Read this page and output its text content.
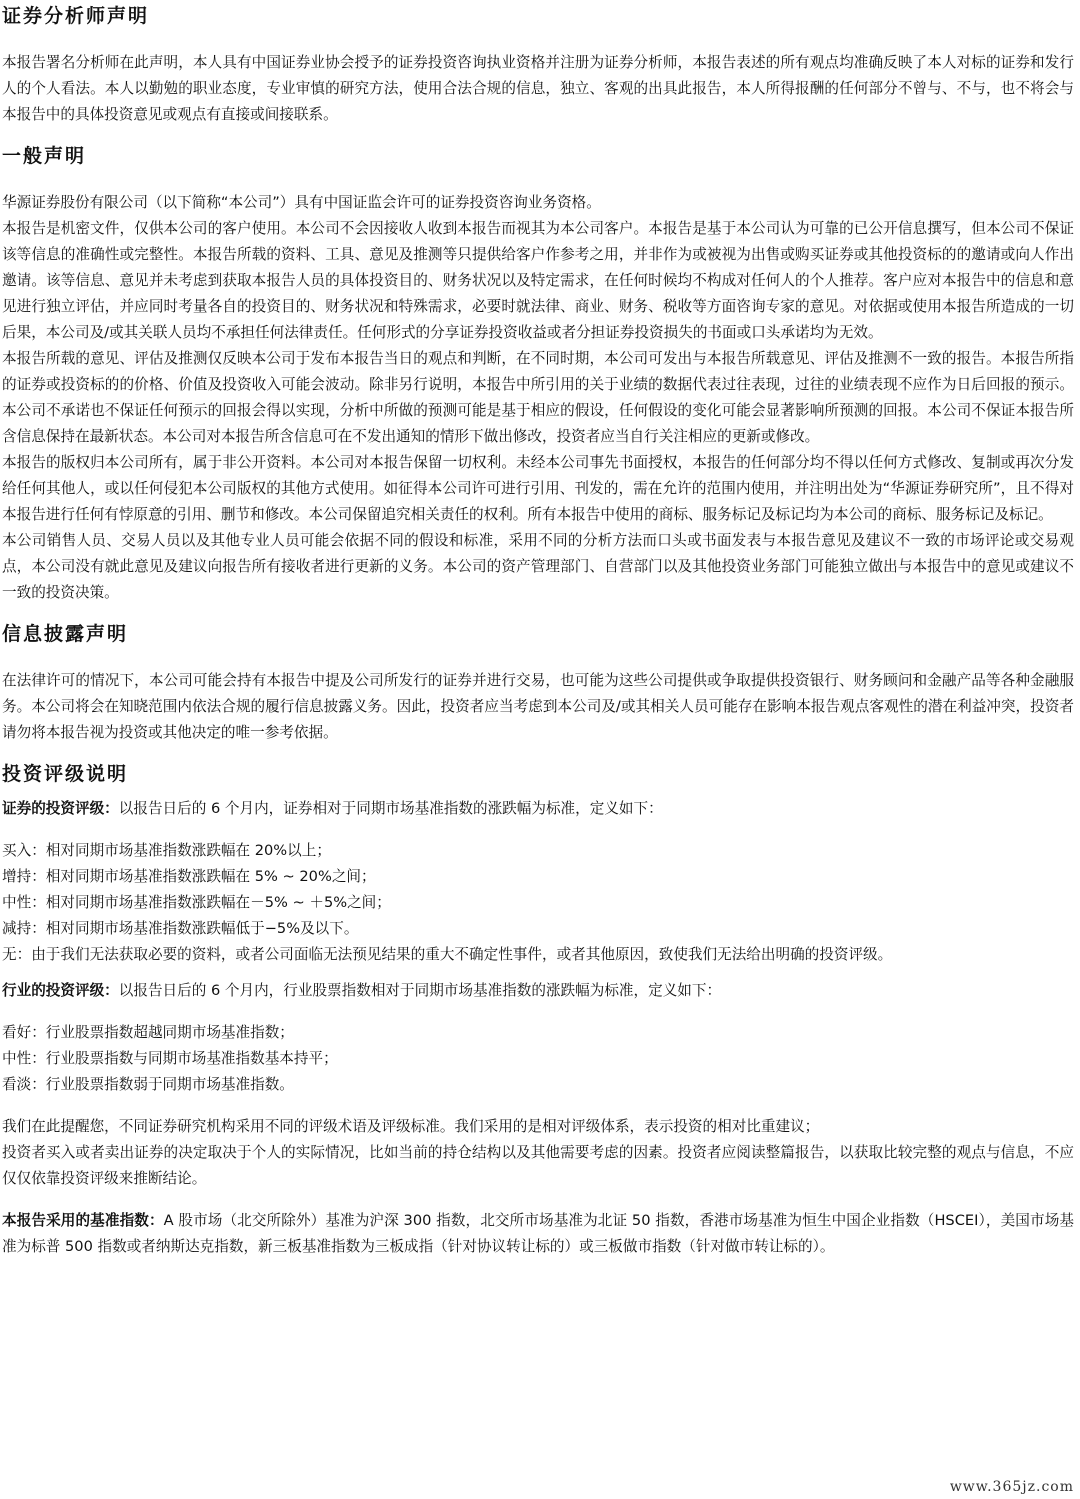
证券分析师声明

本报告署名分析师在此声明，本人具有中国证券业协会授予的证券投资咨询执业资格并注册为证券分析师，本报告表述的所有观点均准确反映了本人对标的证券和发行人的个人看法。本人以勤勉的职业态度，专业审慎的研究方法，使用合法合规的信息，独立、客观的出具此报告，本人所得报酬的任何部分不曾与、不与，也不将会与本报告中的具体投资意见或观点有直接或间接联系。

一般声明

华源证券股份有限公司（以下简称“本公司”）具有中国证监会许可的证券投资咨询业务资格。

本报告是机密文件，仅供本公司的客户使用。本公司不会因接收人收到本报告而视其为本公司客户。本报告是基于本公司认为可靠的已公开信息撰写，但本公司不保证该等信息的准确性或完整性。本报告所载的资料、工具、意见及推测等只提供给客户作参考之用，并非作为或被视为出售或购买证券或其他投资标的的邀请或向人作出邀请。该等信息、意见并未考虑到获取本报告人员的具体投资目的、财务状况以及特定需求，在任何时候均不构成对任何人的个人推荐。客户应对本报告中的信息和意见进行独立评估，并应同时考量各自的投资目的、财务状况和特殊需求，必要时就法律、商业、财务、税收等方面咨询专家的意见。对依据或使用本报告所造成的一切后果，本公司及/或其关联人员均不承担任何法律责任。任何形式的分享证券投资收益或者分担证券投资损失的书面或口头承诺均为无效。

本报告所载的意见、评估及推测仅反映本公司于发布本报告当日的观点和判断，在不同时期，本公司可发出与本报告所载意见、评估及推测不一致的报告。本报告所指的证券或投资标的的价格、价值及投资收入可能会波动。除非另行说明，本报告中所引用的关于业绩的数据代表过往表现，过往的业绩表现不应作为日后回报的预示。本公司不承诺也不保证任何预示的回报会得以实现，分析中所做的预测可能是基于相应的假设，任何假设的变化可能会显著影响所预测的回报。本公司不保证本报告所含信息保持在最新状态。本公司对本报告所含信息可在不发出通知的情形下做出修改，投资者应当自行关注相应的更新或修改。

本报告的版权归本公司所有，属于非公开资料。本公司对本报告保留一切权利。未经本公司事先书面授权，本报告的任何部分均不得以任何方式修改、复制或再次分发给任何其他人，或以任何侵犯本公司版权的其他方式使用。如征得本公司许可进行引用、刊发的，需在允许的范围内使用，并注明出处为“华源证券研究所”，且不得对本报告进行任何有悖原意的引用、删节和修改。本公司保留追究相关责任的权利。所有本报告中使用的商标、服务标记及标记均为本公司的商标、服务标记及标记。

本公司销售人员、交易人员以及其他专业人员可能会依据不同的假设和标准，采用不同的分析方法而口头或书面发表与本报告意见及建议不一致的市场评论或交易观点，本公司没有就此意见及建议向报告所有接收者进行更新的义务。本公司的资产管理部门、自营部门以及其他投资业务部门可能独立做出与本报告中的意见或建议不一致的投资决策。

信息披露声明

在法律许可的情况下，本公司可能会持有本报告中提及公司所发行的证券并进行交易，也可能为这些公司提供或争取提供投资银行、财务顾问和金融产品等各种金融服务。本公司将会在知晓范围内依法合规的履行信息披露义务。因此，投资者应当考虑到本公司及/或其相关人员可能存在影响本报告观点客观性的潜在利益冲突，投资者请勿将本报告视为投资或其他决定的唯一参考依据。

投资评级说明

证券的投资评级：以报告日后的 6 个月内，证券相对于同期市场基准指数的涨跌幅为标准，定义如下：

买入：相对同期市场基准指数涨跌幅在 20%以上；

增持：相对同期市场基准指数涨跌幅在 5% ~ 20%之间；

中性：相对同期市场基准指数涨跌幅在－5% ~ ＋5%之间；

减持：相对同期市场基准指数涨跌幅低于−5%及以下。

无：由于我们无法获取必要的资料，或者公司面临无法预见结果的重大不确定性事件，或者其他原因，致使我们无法给出明确的投资评级。

行业的投资评级：以报告日后的 6 个月内，行业股票指数相对于同期市场基准指数的涨跌幅为标准，定义如下：

看好：行业股票指数超越同期市场基准指数；

中性：行业股票指数与同期市场基准指数基本持平；

看淡：行业股票指数弱于同期市场基准指数。

我们在此提醒您，不同证券研究机构采用不同的评级术语及评级标准。我们采用的是相对评级体系，表示投资的相对比重建议；

投资者买入或者卖出证券的决定取决于个人的实际情况，比如当前的持仓结构以及其他需要考虑的因素。投资者应阅读整篇报告，以获取比较完整的观点与信息，不应仅仅依靠投资评级来推断结论。

本报告采用的基准指数：A 股市场（北交所除外）基准为沪深 300 指数，北交所市场基准为北证 50 指数，香港市场基准为恒生中国企业指数（HSCEI），美国市场基准为标普 500 指数或者纳斯达克指数，新三板基准指数为三板成指（针对协议转让标的）或三板做市指数（针对做市转让标的）。

www.365jz.com
